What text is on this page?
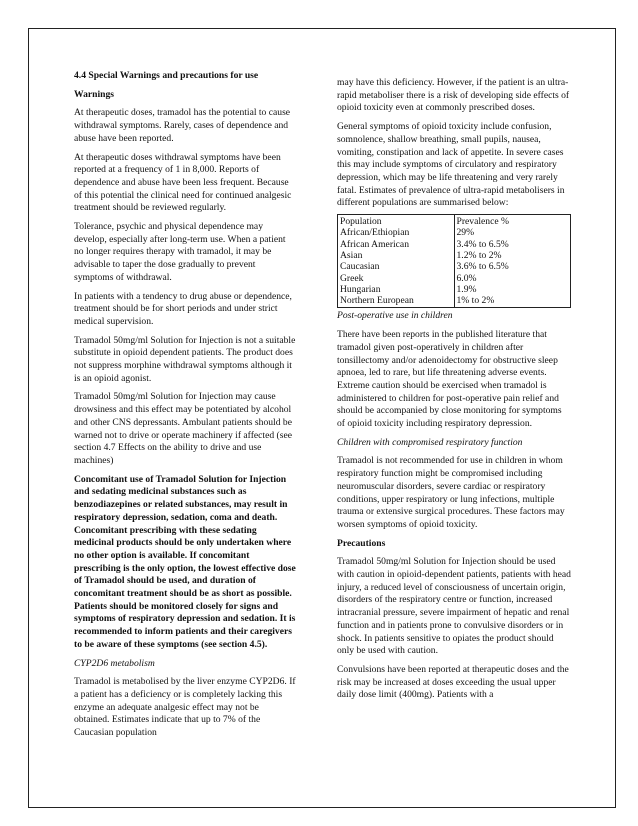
4.4 Special Warnings and precautions for use

Warnings

At therapeutic doses, tramadol has the potential to cause withdrawal symptoms. Rarely, cases of dependence and abuse have been reported.

At therapeutic doses withdrawal symptoms have been reported at a frequency of 1 in 8,000. Reports of dependence and abuse have been less frequent. Because of this potential the clinical need for continued analgesic treatment should be reviewed regularly.

Tolerance, psychic and physical dependence may develop, especially after long-term use. When a patient no longer requires therapy with tramadol, it may be advisable to taper the dose gradually to prevent symptoms of withdrawal.

In patients with a tendency to drug abuse or dependence, treatment should be for short periods and under strict medical supervision.

Tramadol 50mg/ml Solution for Injection is not a suitable substitute in opioid dependent patients. The product does not suppress morphine withdrawal symptoms although it is an opioid agonist.

Tramadol 50mg/ml Solution for Injection may cause drowsiness and this effect may be potentiated by alcohol and other CNS depressants. Ambulant patients should be warned not to drive or operate machinery if affected (see section 4.7 Effects on the ability to drive and use machines)

Concomitant use of Tramadol Solution for Injection and sedating medicinal substances such as benzodiazepines or related substances, may result in respiratory depression, sedation, coma and death. Concomitant prescribing with these sedating medicinal products should be only undertaken where no other option is available. If concomitant prescribing is the only option, the lowest effective dose of Tramadol should be used, and duration of concomitant treatment should be as short as possible. Patients should be monitored closely for signs and symptoms of respiratory depression and sedation. It is recommended to inform patients and their caregivers to be aware of these symptoms (see section 4.5).

CYP2D6 metabolism

Tramadol is metabolised by the liver enzyme CYP2D6. If a patient has a deficiency or is completely lacking this enzyme an adequate analgesic effect may not be obtained. Estimates indicate that up to 7% of the Caucasian population

may have this deficiency. However, if the patient is an ultra-rapid metaboliser there is a risk of developing side effects of opioid toxicity even at commonly prescribed doses.

General symptoms of opioid toxicity include confusion, somnolence, shallow breathing, small pupils, nausea, vomiting, constipation and lack of appetite. In severe cases this may include symptoms of circulatory and respiratory depression, which may be life threatening and very rarely fatal. Estimates of prevalence of ultra-rapid metabolisers in different populations are summarised below:

Population	Prevalence %
African/Ethiopian	29%
African American	3.4% to 6.5%
Asian	1.2% to 2%
Caucasian	3.6% to 6.5%
Greek	6.0%
Hungarian	1.9%
Northern European	1% to 2%

Post-operative use in children

There have been reports in the published literature that tramadol given post-operatively in children after tonsillectomy and/or adenoidectomy for obstructive sleep apnoea, led to rare, but life threatening adverse events. Extreme caution should be exercised when tramadol is administered to children for post-operative pain relief and should be accompanied by close monitoring for symptoms of opioid toxicity including respiratory depression.

Children with compromised respiratory function

Tramadol is not recommended for use in children in whom respiratory function might be compromised including neuromuscular disorders, severe cardiac or respiratory conditions, upper respiratory or lung infections, multiple trauma or extensive surgical procedures. These factors may worsen symptoms of opioid toxicity.

Precautions

Tramadol 50mg/ml Solution for Injection should be used with caution in opioid-dependent patients, patients with head injury, a reduced level of consciousness of uncertain origin, disorders of the respiratory centre or function, increased intracranial pressure, severe impairment of hepatic and renal function and in patients prone to convulsive disorders or in shock. In patients sensitive to opiates the product should only be used with caution.

Convulsions have been reported at therapeutic doses and the risk may be increased at doses exceeding the usual upper daily dose limit (400mg). Patients with a
